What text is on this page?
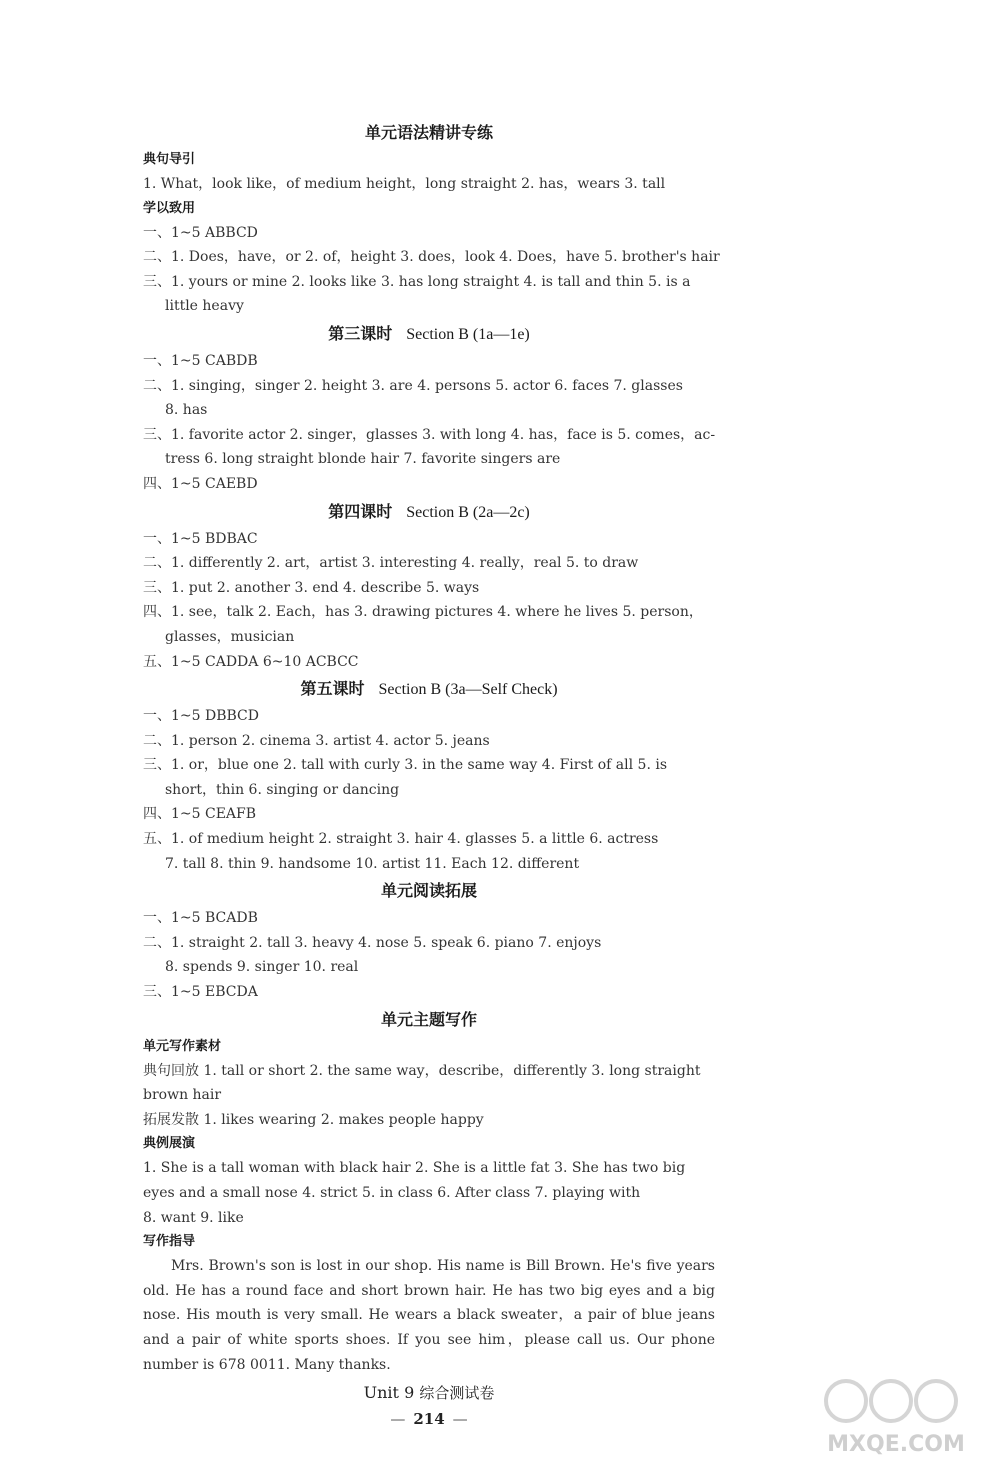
单元语法精讲专练
典句导引
1. What，look like，of medium height，long straight 2. has，wears 3. tall
学以致用
一、1~5 ABBCD
二、1. Does，have，or 2. of，height 3. does，look 4. Does，have 5. brother's hair
三、1. yours or mine 2. looks like 3. has long straight 4. is tall and thin 5. is a
little heavy
第三课时 Section B (1a—1e)
一、1~5 CABDB
二、1. singing，singer 2. height 3. are 4. persons 5. actor 6. faces 7. glasses
8. has
三、1. favorite actor 2. singer，glasses 3. with long 4. has，face is 5. comes，ac-
tress 6. long straight blonde hair 7. favorite singers are
四、1~5 CAEBD
第四课时 Section B (2a—2c)
一、1~5 BDBAC
二、1. differently 2. art，artist 3. interesting 4. really，real 5. to draw
三、1. put 2. another 3. end 4. describe 5. ways
四、1. see，talk 2. Each，has 3. drawing pictures 4. where he lives 5. person，
glasses，musician
五、1~5 CADDA 6~10 ACBCC
第五课时 Section B (3a—Self Check)
一、1~5 DBBCD
二、1. person 2. cinema 3. artist 4. actor 5. jeans
三、1. or，blue one 2. tall with curly 3. in the same way 4. First of all 5. is
short，thin 6. singing or dancing
四、1~5 CEAFB
五、1. of medium height 2. straight 3. hair 4. glasses 5. a little 6. actress
7. tall 8. thin 9. handsome 10. artist 11. Each 12. different
单元阅读拓展
一、1~5 BCADB
二、1. straight 2. tall 3. heavy 4. nose 5. speak 6. piano 7. enjoys
8. spends 9. singer 10. real
三、1~5 EBCDA
单元主题写作
单元写作素材
典句回放 1. tall or short 2. the same way，describe，differently 3. long straight
brown hair
拓展发散 1. likes wearing 2. makes people happy
典例展演
1. She is a tall woman with black hair 2. She is a little fat 3. She has two big
eyes and a small nose 4. strict 5. in class 6. After class 7. playing with
8. want 9. like
写作指导
Mrs. Brown's son is lost in our shop. His name is Bill Brown. He's five years old. He has a round face and short brown hair. He has two big eyes and a big nose. His mouth is very small. He wears a black sweater，a pair of blue jeans and a pair of white sports shoes. If you see him，please call us. Our phone number is 678 0011. Many thanks.
Unit 9 综合测试卷
— 214 —
MXQE.COM
